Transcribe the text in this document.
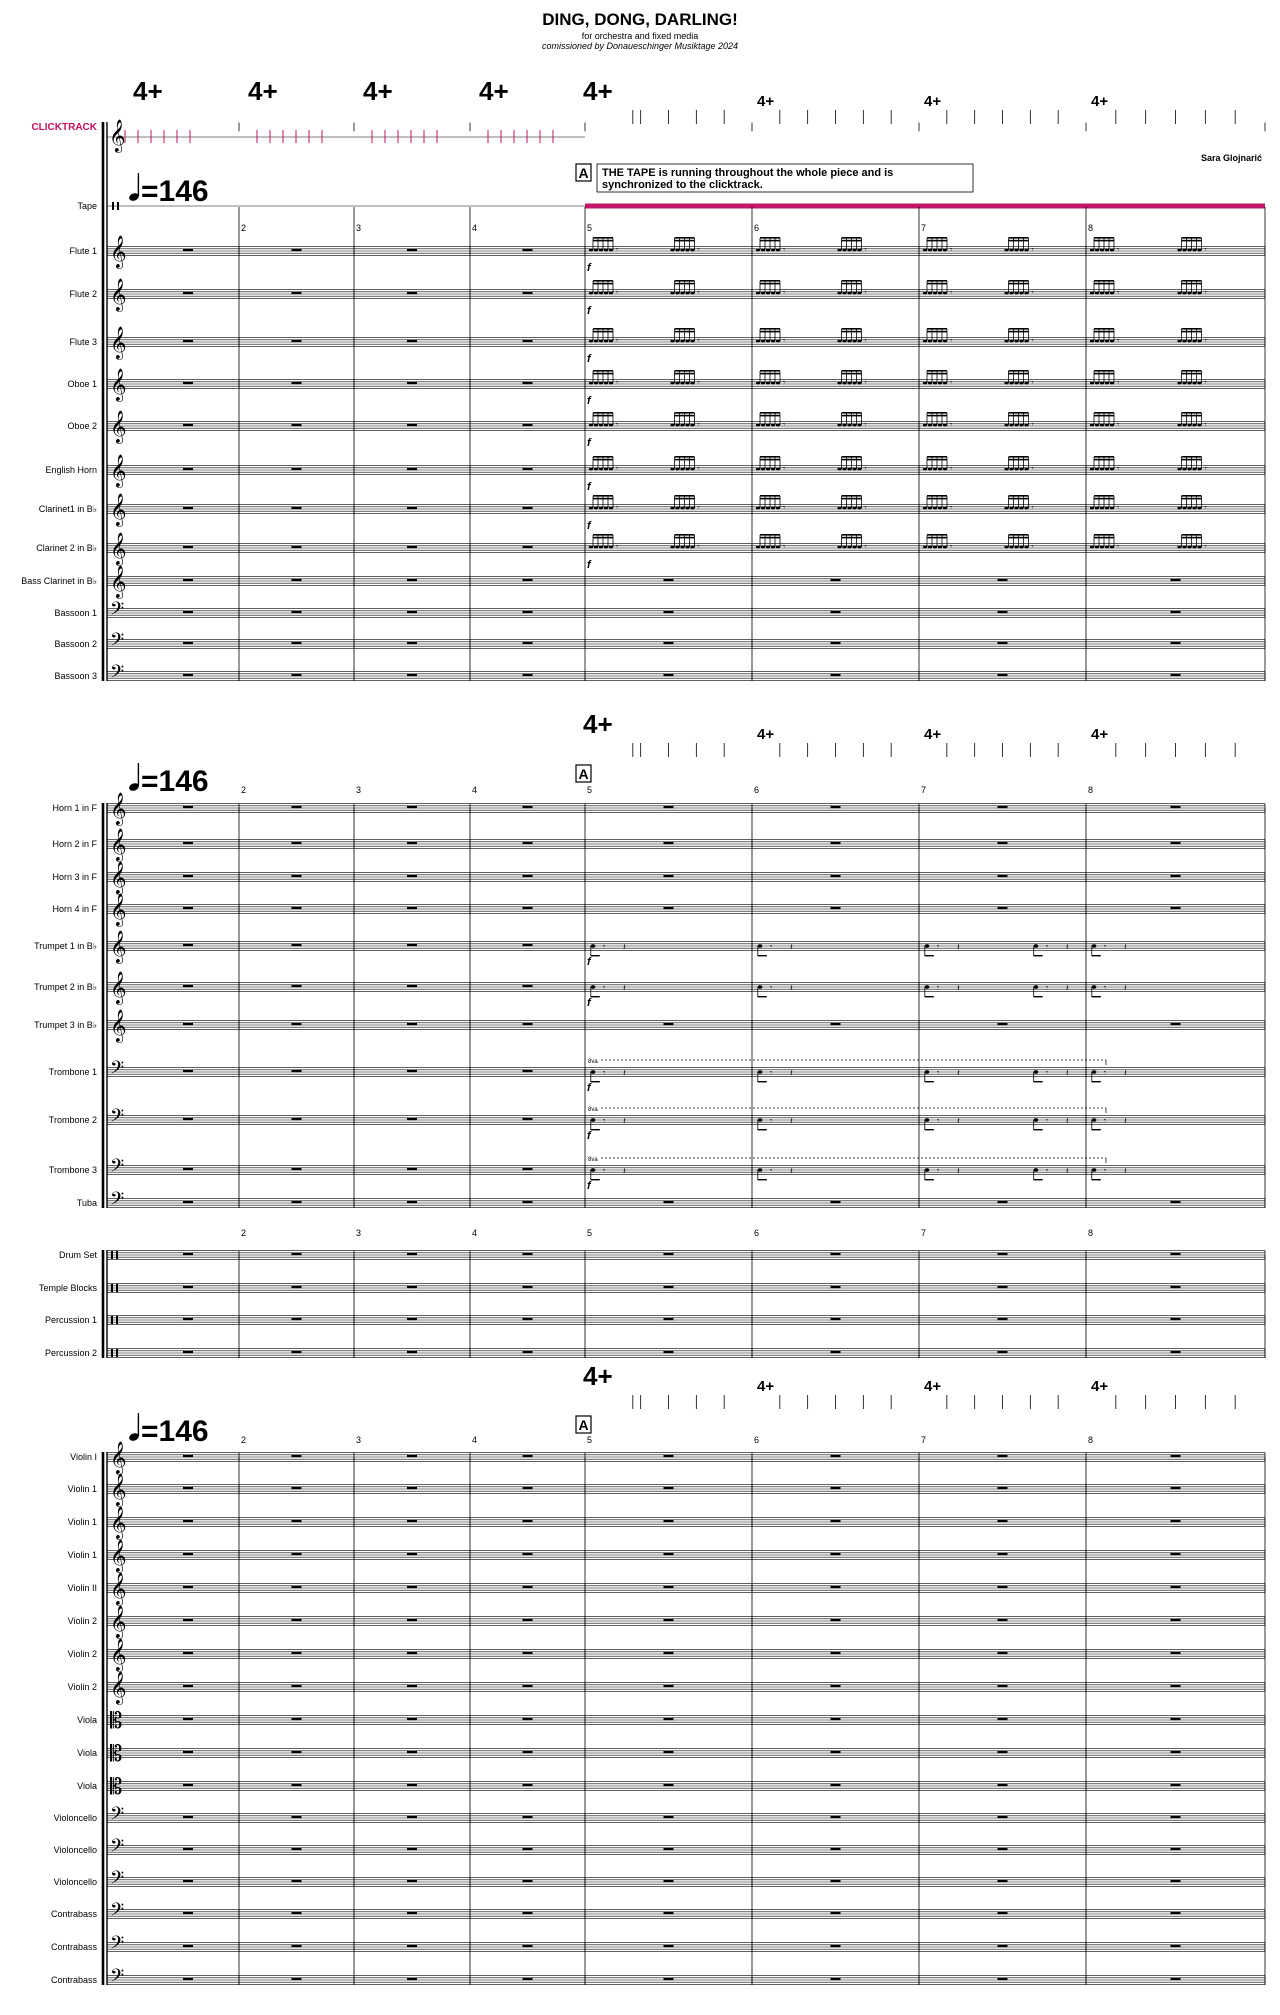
DING, DONG, DARLING!
for orchestra and fixed media
comissioned by Donaueschinger Musiktage 2024
Sara Glojnarić
CLICKTRACK 𝄞
Tape
Flute 1 𝄞	𝄾	𝄾	𝄾	𝄾	𝄾	𝄾	𝄾	𝄾
f
Flute 2 𝄞	𝄾	𝄾	𝄾	𝄾	𝄾	𝄾	𝄾	𝄾
f
Flute 3 𝄞	𝄾	𝄾	𝄾	𝄾	𝄾	𝄾	𝄾	𝄾
f
Oboe 1 𝄞	𝄾	𝄾	𝄾	𝄾	𝄾	𝄾	𝄾	𝄾
f
Oboe 2 𝄞	𝄾	𝄾	𝄾	𝄾	𝄾	𝄾	𝄾	𝄾
f
English Horn 𝄞	𝄾	𝄾	𝄾	𝄾	𝄾	𝄾	𝄾	𝄾
f
Clarinet1 in B♭ 𝄞	𝄾	𝄾	𝄾	𝄾	𝄾	𝄾	𝄾	𝄾
f
Clarinet 2 in B♭ 𝄞	𝄾	𝄾	𝄾	𝄾	𝄾	𝄾	𝄾	𝄾
f
Bass Clarinet in B♭ 𝄞
Bassoon 1 𝄢
Bassoon 2 𝄢
Bassoon 3 𝄢
4+	4+	4+	4+	4+	4+	4+	4+
=146
A THE TAPE is running throughout the whole piece and is
synchronized to the clicktrack.
2	3	4	5	6	7	8
Horn 1 in F 𝄞
Horn 2 in F 𝄞
Horn 3 in F 𝄞
Horn 4 in F 𝄞
Trumpet 1 in B♭ 𝄞	𝄾 𝄽	𝄾 𝄽	𝄾 𝄽	𝄾 𝄽	𝄾 𝄽
f
Trumpet 2 in B♭ 𝄞	𝄾 𝄽	𝄾 𝄽	𝄾 𝄽	𝄾 𝄽	𝄾 𝄽
f
Trumpet 3 in B♭ 𝄞
Trombone 1 𝄢	𝄾 𝄽	𝄾 𝄽	𝄾 𝄽	𝄾 𝄽	𝄾 𝄽
f
8va
Trombone 2 𝄢	𝄾 𝄽	𝄾 𝄽	𝄾 𝄽	𝄾 𝄽	𝄾 𝄽
f
8va
Trombone 3 𝄢	𝄾 𝄽	𝄾 𝄽	𝄾 𝄽	𝄾 𝄽	𝄾 𝄽
f
8va
Tuba 𝄢
4+	4+	4+	4+
=146	A
2	3	4	5	6	7	8
Drum Set
Temple Blocks
Percussion 1
Percussion 2
2	3	4	5	6	7	8
Violin I 𝄞
Violin 1 𝄞
Violin 1 𝄞
Violin 1 𝄞
Violin II 𝄞
Violin 2 𝄞
Violin 2 𝄞
Violin 2 𝄞
Viola 𝄡
Viola 𝄡
Viola 𝄡
Violoncello 𝄢
Violoncello 𝄢
Violoncello 𝄢
Contrabass 𝄢
Contrabass 𝄢
Contrabass 𝄢
4+	4+	4+	4+
=146	A
2	3	4	5	6	7	8
